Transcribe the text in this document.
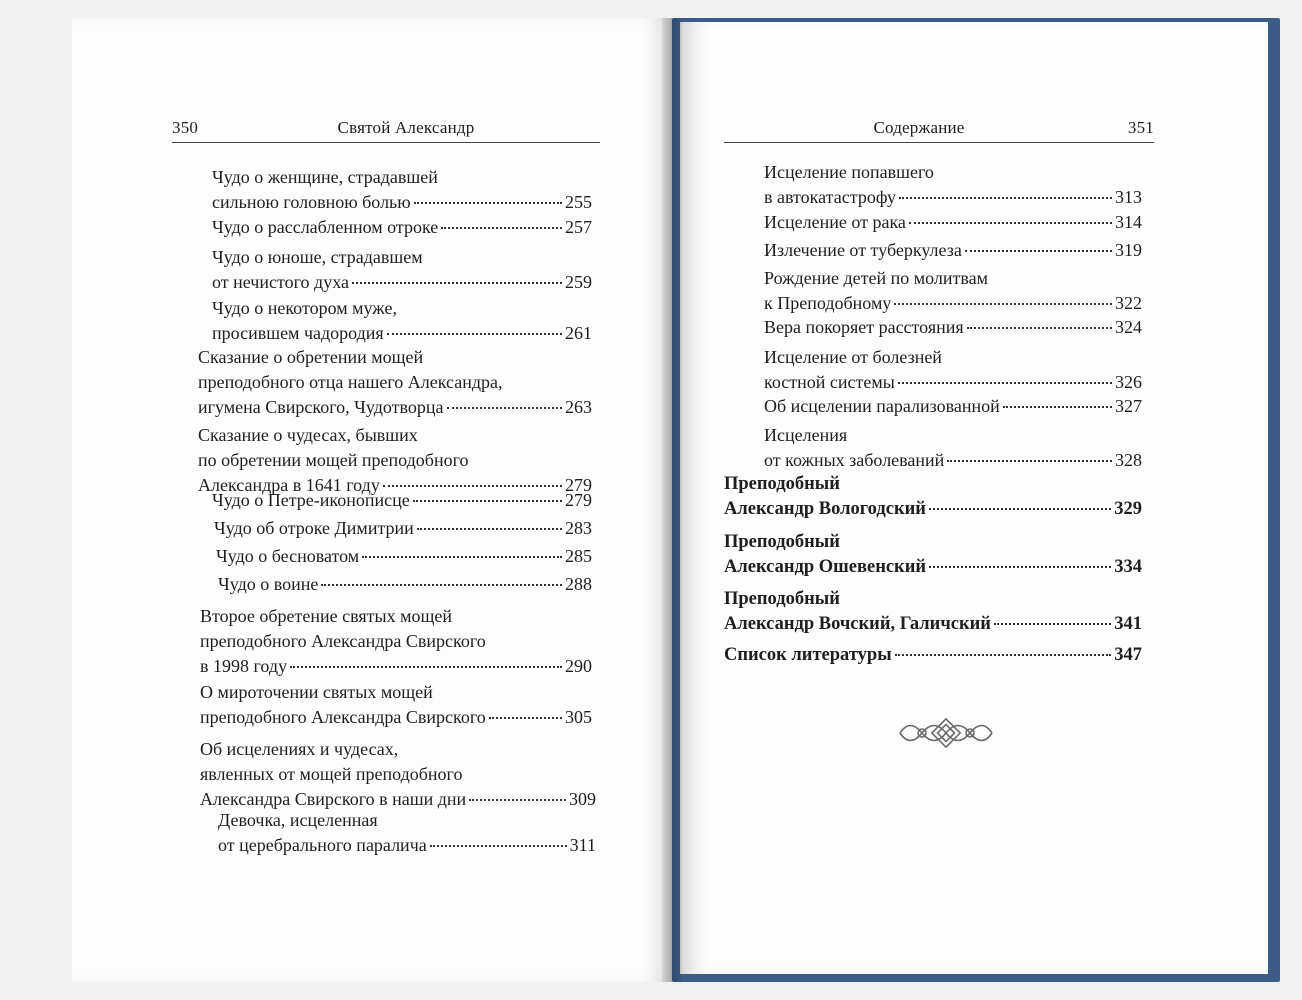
350	Святой Александр	Содержание	351
Чудо о женщине, страдавшей
сильною головною болью	255
Чудо о расслабленном отроке	257
Чудо о юноше, страдавшем
от нечистого духа	259
Чудо о некотором муже,
просившем чадородия	261
Сказание о обретении мощей
преподобного отца нашего Александра,
игумена Свирского, Чудотворца	263
Сказание о чудесах, бывших
по обретении мощей преподобного
Александра в 1641 году	279
Чудо о Петре-иконописце	279
Чудо об отроке Димитрии	283
Чудо о бесноватом	285
Чудо о воине	288
Второе обретение святых мощей
преподобного Александра Свирского
в 1998 году	290
О мироточении святых мощей
преподобного Александра Свирского	305
Об исцелениях и чудесах,
явленных от мощей преподобного
Александра Свирского в наши дни	309
Девочка, исцеленная
от церебрального паралича	311
Исцеление попавшего
в автокатастрофу	313
Исцеление от рака	314
Излечение от туберкулеза	319
Рождение детей по молитвам
к Преподобному	322
Вера покоряет расстояния	324
Исцеление от болезней
костной системы	326
Об исцелении парализованной	327
Исцеления
от кожных заболеваний	328
Преподобный
Александр Вологодский	329
Преподобный
Александр Ошевенский	334
Преподобный
Александр Вочский, Галичский	341
Список литературы	347
